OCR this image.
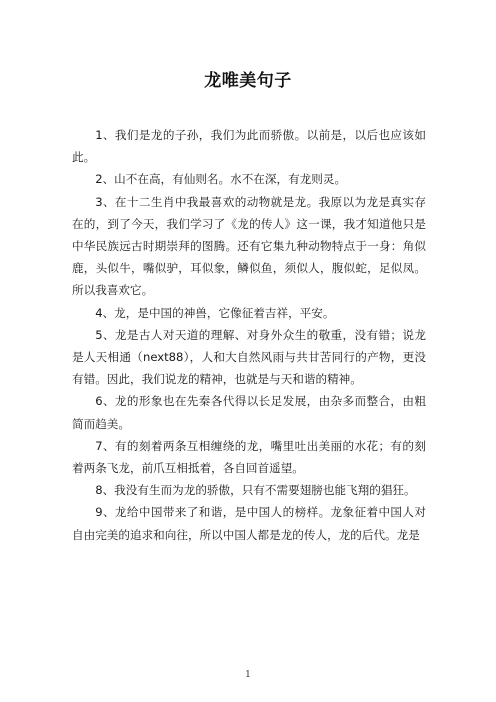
龙唯美句子

1、我们是龙的子孙，我们为此而骄傲。以前是，以后也应该如此。

2、山不在高，有仙则名。水不在深，有龙则灵。

3、在十二生肖中我最喜欢的动物就是龙。我原以为龙是真实存在的，到了今天，我们学习了《龙的传人》这一课，我才知道他只是中华民族远古时期崇拜的图腾。还有它集九种动物特点于一身：角似鹿，头似牛，嘴似驴，耳似象，鳞似鱼，须似人，腹似蛇，足似凤。所以我喜欢它。

4、龙，是中国的神兽，它像征着吉祥，平安。

5、龙是古人对天道的理解、对身外众生的敬重，没有错；说龙是人天相通（next88），人和大自然风雨与共甘苦同行的产物，更没有错。因此，我们说龙的精神，也就是与天和谐的精神。

6、龙的形象也在先秦各代得以长足发展，由杂多而整合，由粗简而趋美。

7、有的刻着两条互相缠绕的龙，嘴里吐出美丽的水花；有的刻着两条飞龙，前爪互相抵着，各自回首遥望。

8、我没有生而为龙的骄傲，只有不需要翅膀也能飞翔的猖狂。

9、龙给中国带来了和谐，是中国人的榜样。龙象征着中国人对自由完美的追求和向往，所以中国人都是龙的传人，龙的后代。龙是

1
